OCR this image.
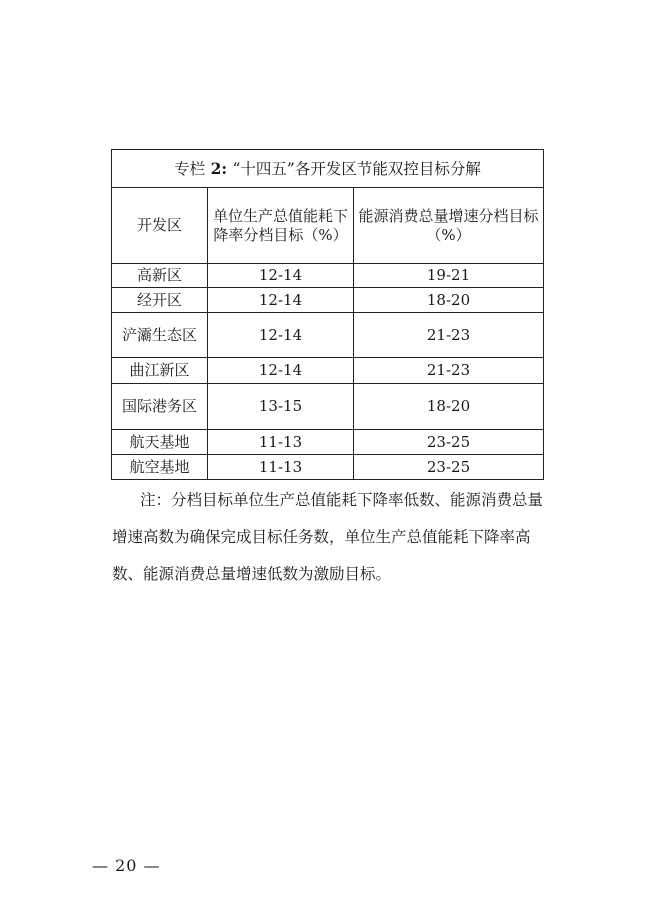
专栏 2: “十四五”各开发区节能双控目标分解		
开发区	单位生产总值能耗下降率分档目标（%）	能源消费总量增速分档目标（%）
高新区	12-14	19-21
经开区	12-14	18-20
浐灞生态区	12-14	21-23
曲江新区	12-14	21-23
国际港务区	13-15	18-20
航天基地	11-13	23-25
航空基地	11-13	23-25

注：分档目标单位生产总值能耗下降率低数、能源消费总量增速高数为确保完成目标任务数，单位生产总值能耗下降率高数、能源消费总量增速低数为激励目标。

— 20 —
